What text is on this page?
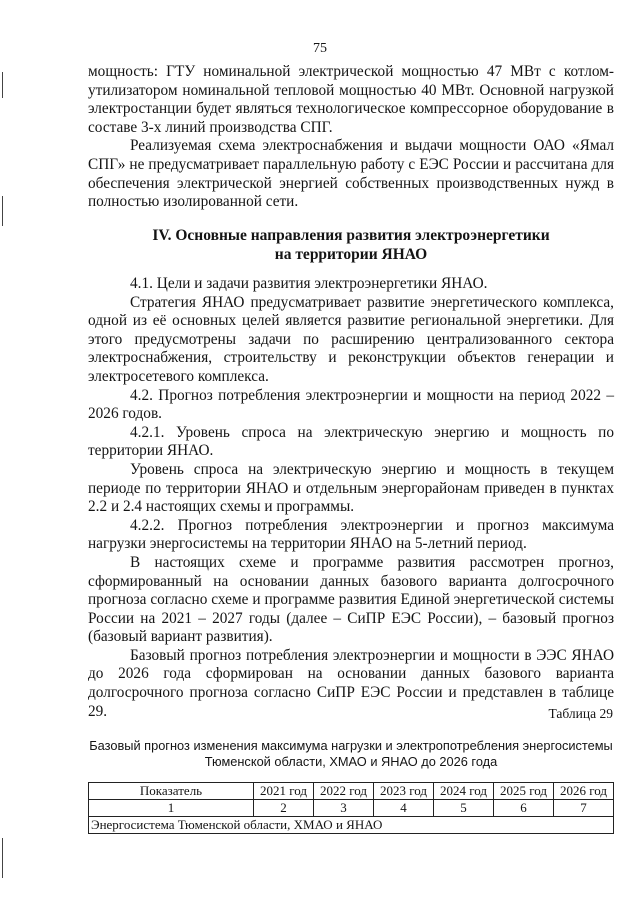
75

мощность: ГТУ номинальной электрической мощностью 47 МВт с котлом-утилизатором номинальной тепловой мощностью 40 МВт. Основной нагрузкой электростанции будет являться технологическое компрессорное оборудование в составе 3-х линий производства СПГ.

Реализуемая схема электроснабжения и выдачи мощности ОАО «Ямал СПГ» не предусматривает параллельную работу с ЕЭС России и рассчитана для обеспечения электрической энергией собственных производственных нужд в полностью изолированной сети.

IV. Основные направления развития электроэнергетики
на территории ЯНАО

4.1. Цели и задачи развития электроэнергетики ЯНАО.

Стратегия ЯНАО предусматривает развитие энергетического комплекса, одной из её основных целей является развитие региональной энергетики. Для этого предусмотрены задачи по расширению централизованного сектора электроснабжения, строительству и реконструкции объектов генерации и электросетевого комплекса.

4.2. Прогноз потребления электроэнергии и мощности на период 2022 – 2026 годов.

4.2.1. Уровень спроса на электрическую энергию и мощность по территории ЯНАО.

Уровень спроса на электрическую энергию и мощность в текущем периоде по территории ЯНАО и отдельным энергорайонам приведен в пунктах 2.2 и 2.4 настоящих схемы и программы.

4.2.2. Прогноз потребления электроэнергии и прогноз максимума нагрузки энергосистемы на территории ЯНАО на 5-летний период.

В настоящих схеме и программе развития рассмотрен прогноз, сформированный на основании данных базового варианта долгосрочного прогноза согласно схеме и программе развития Единой энергетической системы России на 2021 – 2027 годы (далее – СиПР ЕЭС России), – базовый прогноз (базовый вариант развития).

Базовый прогноз потребления электроэнергии и мощности в ЭЭС ЯНАО до 2026 года сформирован на основании данных базового варианта долгосрочного прогноза согласно СиПР ЕЭС России и представлен в таблице 29.	Таблица 29
Базовый прогноз изменения максимума нагрузки и электропотребления энергосистемы
Тюменской области, ХМАО и ЯНАО до 2026 года
Показатель	2021 год	2022 год	2023 год	2024 год	2025 год	2026 год
1	2	3	4	5	6	7
Энергосистема Тюменской области, ХМАО и ЯНАО						
